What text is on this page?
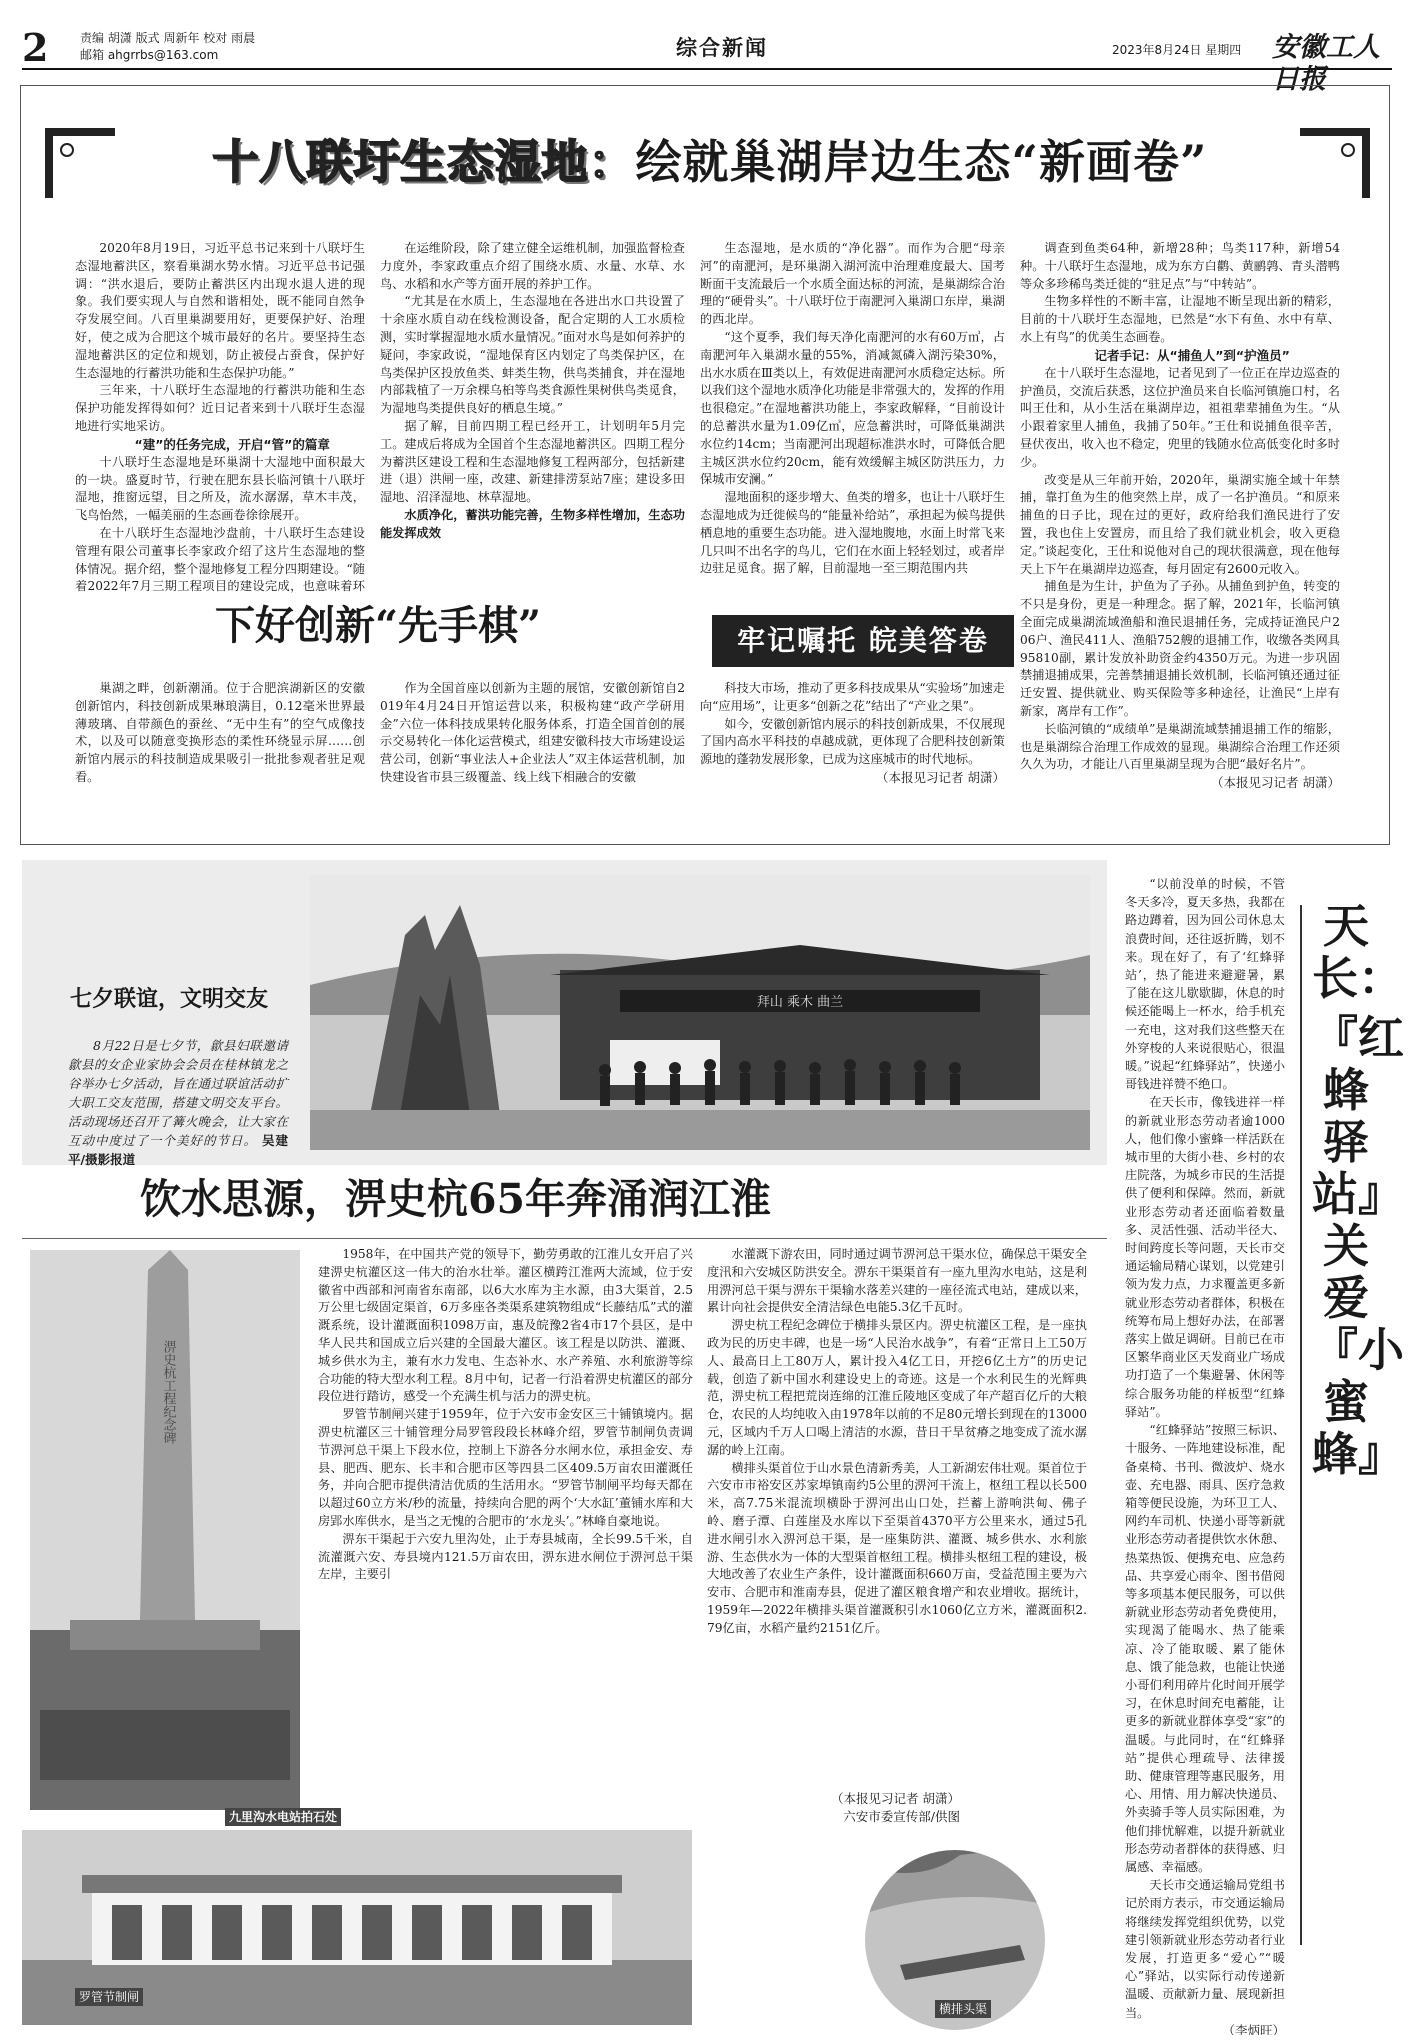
2	责编 胡潇 版式 周新年 校对 雨晨
邮箱 ahgrrbs@163.com	综合新闻	2023年8月24日 星期四 安徽工人日报
十八联圩生态湿地：绘就巢湖岸边生态“新画卷”

2020年8月19日，习近平总书记来到十八联圩生态湿地蓄洪区，察看巢湖水势水情。习近平总书记强调：“洪水退后，要防止蓄洪区内出现水退人进的现象。我们要实现人与自然和谐相处，既不能同自然争夺发展空间。八百里巢湖要用好，更要保护好、治理好，使之成为合肥这个城市最好的名片。要坚持生态湿地蓄洪区的定位和规划，防止被侵占蚕食，保护好生态湿地的行蓄洪功能和生态保护功能。”

三年来，十八联圩生态湿地的行蓄洪功能和生态保护功能发挥得如何？近日记者来到十八联圩生态湿地进行实地采访。

“建”的任务完成，开启“管”的篇章

十八联圩生态湿地是环巢湖十大湿地中面积最大的一块。盛夏时节，行驶在肥东县长临河镇十八联圩湿地，推窗远望，目之所及，流水潺潺，草木丰茂，飞鸟怡然，一幅美丽的生态画卷徐徐展开。

在十八联圩生态湿地沙盘前，十八联圩生态建设管理有限公司董事长李家政介绍了这片生态湿地的整体情况。据介绍，整个湿地修复工程分四期建设。“随着2022年7月三期工程项目的建设完成，也意味着环

在运维阶段，除了建立健全运维机制，加强监督检查力度外，李家政重点介绍了围绕水质、水量、水草、水鸟、水稻和水产等方面开展的养护工作。

“尤其是在水质上，生态湿地在各进出水口共设置了十余座水质自动在线检测设备，配合定期的人工水质检测，实时掌握湿地水质水量情况。”面对水鸟是如何养护的疑问，李家政说，“湿地保育区内划定了鸟类保护区，在鸟类保护区投放鱼类、蚌类生物，供鸟类捕食，并在湿地内部栽植了一万余棵乌桕等鸟类食源性果树供鸟类觅食，为湿地鸟类提供良好的栖息生境。”

据了解，目前四期工程已经开工，计划明年5月完工。建成后将成为全国首个生态湿地蓄洪区。四期工程分为蓄洪区建设工程和生态湿地修复工程两部分，包括新建进（退）洪闸一座，改建、新建排涝泵站7座；建设多田湿地、沼泽湿地、林草湿地。

水质净化，蓄洪功能完善，生物多样性增加，生态功能发挥成效

生态湿地，是水质的“净化器”。而作为合肥“母亲河”的南淝河，是环巢湖入湖河流中治理难度最大、国考断面干支流最后一个水质全面达标的河流，是巢湖综合治理的“硬骨头”。十八联圩位于南淝河入巢湖口东岸，巢湖的西北岸。

“这个夏季，我们每天净化南淝河的水有60万㎥，占南淝河年入巢湖水量的55%，消减氮磷入湖污染30%，出水水质在Ⅲ类以上，有效促进南淝河水质稳定达标。所以我们这个湿地水质净化功能是非常强大的，发挥的作用也很稳定。”在湿地蓄洪功能上，李家政解释，“目前设计的总蓄洪水量为1.09亿㎥，应急蓄洪时，可降低巢湖洪水位约14cm；当南淝河出现超标准洪水时，可降低合肥主城区洪水位约20cm，能有效缓解主城区防洪压力，力保城市安澜。”

湿地面积的逐步增大、鱼类的增多，也让十八联圩生态湿地成为迁徙候鸟的“能量补给站”，承担起为候鸟提供栖息地的重要生态功能。进入湿地腹地，水面上时常飞来几只叫不出名字的鸟儿，它们在水面上轻轻划过，或者岸边驻足觅食。据了解，目前湿地一至三期范围内共

调查到鱼类64种，新增28种；鸟类117种，新增54种。十八联圩生态湿地，成为东方白鹳、黄鹂鹑、青头潜鸭等众多珍稀鸟类迁徙的“驻足点”与“中转站”。

生物多样性的不断丰富，让湿地不断呈现出新的精彩，目前的十八联圩生态湿地，已然是“水下有鱼、水中有草、水上有鸟”的优美生态画卷。

记者手记：从“捕鱼人”到“护渔员”

在十八联圩生态湿地，记者见到了一位正在岸边巡查的护渔员，交流后获悉，这位护渔员来自长临河镇施口村，名叫王仕和，从小生活在巢湖岸边，祖祖辈辈捕鱼为生。“从小跟着家里人捕鱼，我捕了50年。”王仕和说捕鱼很辛苦，昼伏夜出，收入也不稳定，兜里的钱随水位高低变化时多时少。

改变是从三年前开始，2020年，巢湖实施全域十年禁捕，靠打鱼为生的他突然上岸，成了一名护渔员。“和原来捕鱼的日子比，现在过的更好，政府给我们渔民进行了安置，我也住上安置房，而且给了我们就业机会，收入更稳定。”谈起变化，王仕和说他对自己的现状很满意，现在他每天上下午在巢湖岸边巡查，每月固定有2600元收入。

捕鱼是为生计，护鱼为了子孙。从捕鱼到护鱼，转变的不只是身份，更是一种理念。据了解，2021年，长临河镇全面完成巢湖流域渔船和渔民退捕任务，完成持证渔民户206户、渔民411人、渔船752艘的退捕工作，收缴各类网具95810副，累计发放补助资金约4350万元。为进一步巩固禁捕退捕成果，完善禁捕退捕长效机制，长临河镇还通过征迁安置、提供就业、购买保险等多种途径，让渔民“上岸有新家，离岸有工作”。

长临河镇的“成绩单”是巢湖流域禁捕退捕工作的缩影，也是巢湖综合治理工作成效的显现。巢湖综合治理工作还须久久为功，才能让八百里巢湖呈现为合肥“最好名片”。

（本报见习记者 胡潇）

下好创新“先手棋”	牢记嘱托 皖美答卷

巢湖之畔，创新潮涌。位于合肥滨湖新区的安徽创新馆内，科技创新成果琳琅满目，0.12毫米世界最薄玻璃、自带颜色的蚕丝、“无中生有”的空气成像技术，以及可以随意变换形态的柔性环绕显示屏……创新馆内展示的科技制造成果吸引一批批参观者驻足观看。

作为全国首座以创新为主题的展馆，安徽创新馆自2019年4月24日开馆运营以来，积极构建“政产学研用金”六位一体科技成果转化服务体系，打造全国首创的展示交易转化一体化运营模式，组建安徽科技大市场建设运营公司，创新“事业法人+企业法人”双主体运营机制，加快建设省市县三级覆盖、线上线下相融合的安徽

科技大市场，推动了更多科技成果从“实验场”加速走向“应用场”，让更多“创新之花”结出了“产业之果”。

如今，安徽创新馆内展示的科技创新成果，不仅展现了国内高水平科技的卓越成就，更体现了合肥科技创新策源地的蓬勃发展形象，已成为这座城市的时代地标。

（本报见习记者 胡潇）

七夕联谊，文明交友
8月22日是七夕节，歙县妇联邀请歙县的女企业家协会会员在桂林镇龙之谷举办七夕活动，旨在通过联谊活动扩大职工交友范围，搭建文明交友平台。活动现场还召开了篝火晚会，让大家在互动中度过了一个美好的节日。 吴建平/摄影报道
拜山 乘木 曲兰
饮水思源，淠史杭65年奔涌润江淮
淠史杭工程纪念碑
九里沟水电站拍石处
罗管节制闸

1958年，在中国共产党的领导下，勤劳勇敢的江淮儿女开启了兴建淠史杭灌区这一伟大的治水壮举。灌区横跨江淮两大流域，位于安徽省中西部和河南省东南部，以6大水库为主水源，由3大渠首，2.5万公里七级固定渠首，6万多座各类渠系建筑物组成“长藤结瓜”式的灌溉系统，设计灌溉面积1098万亩，惠及皖豫2省4市17个县区，是中华人民共和国成立后兴建的全国最大灌区。该工程是以防洪、灌溉、城乡供水为主，兼有水力发电、生态补水、水产养殖、水利旅游等综合功能的特大型水利工程。8月中旬，记者一行沿着淠史杭灌区的部分段位进行踏访，感受一个充满生机与活力的淠史杭。

罗管节制闸兴建于1959年，位于六安市金安区三十铺镇境内。据淠史杭灌区三十铺管理分局罗管段段长林峰介绍，罗管节制闸负责调节淠河总干渠上下段水位，控制上下游各分水闸水位，承担金安、寿县、肥西、肥东、长丰和合肥市区等四县二区409.5万亩农田灌溉任务，并向合肥市提供清洁优质的生活用水。“罗管节制闸平均每天都在以超过60立方米/秒的流量，持续向合肥的两个‘大水缸’董铺水库和大房郢水库供水，是当之无愧的合肥市的‘水龙头’。”林峰自豪地说。

淠东干渠起于六安九里沟处，止于寿县城南，全长99.5千米，自流灌溉六安、寿县境内121.5万亩农田，淠东进水闸位于淠河总干渠左岸，主要引

水灌溉下游农田，同时通过调节淠河总干渠水位，确保总干渠安全度汛和六安城区防洪安全。淠东干渠渠首有一座九里沟水电站，这是利用淠河总干渠与淠东干渠输水落差兴建的一座径流式电站，建成以来，累计向社会提供安全清洁绿色电能5.3亿千瓦时。

淠史杭工程纪念碑位于横排头景区内。淠史杭灌区工程，是一座执政为民的历史丰碑，也是一场“人民治水战争”，有着“正常日上工50万人、最高日上工80万人，累计投入4亿工日，开挖6亿土方”的历史记载，创造了新中国水利建设史上的奇迹。这是一个水利民生的光辉典范，淠史杭工程把荒岗连绵的江淮丘陵地区变成了年产超百亿斤的大粮仓，农民的人均纯收入由1978年以前的不足80元增长到现在的13000元，区域内千万人口喝上清洁的水源，昔日干旱贫瘠之地变成了流水潺潺的岭上江南。

横排头渠首位于山水景色清新秀美，人工新湖宏伟壮观。渠首位于六安市市裕安区苏家埠镇南约5公里的淠河干流上，枢纽工程以长500米，高7.75米混流坝横卧于淠河出山口处，拦蓄上游响洪甸、佛子岭、磨子潭、白莲崖及水库以下至渠首4370平方公里来水，通过5孔进水闸引水入淠河总干渠，是一座集防洪、灌溉、城乡供水、水利旅游、生态供水为一体的大型渠首枢纽工程。横排头枢纽工程的建设，极大地改善了农业生产条件，设计灌溉面积660万亩，受益范围主要为六安市、合肥市和淮南寿县，促进了灌区粮食增产和农业增收。据统计，1959年—2022年横排头渠首灌溉积引水1060亿立方米，灌溉面积2.79亿亩，水稻产量约2151亿斤。

（本报见习记者 胡潇）
六安市委宣传部/供图
横排头渠
天长：
『红蜂驿站』关爱『小蜜蜂』

“以前没单的时候，不管冬天多冷，夏天多热，我都在路边蹲着，因为回公司休息太浪费时间，还往返折腾，划不来。现在好了，有了‘红蜂驿站’，热了能进来避避暑，累了能在这儿歇歇脚，休息的时候还能喝上一杯水，给手机充一充电，这对我们这些整天在外穿梭的人来说很贴心，很温暖。”说起“红蜂驿站”，快递小哥钱进祥赞不绝口。

在天长市，像钱进祥一样的新就业形态劳动者逾1000人，他们像小蜜蜂一样活跃在城市里的大街小巷、乡村的农庄院落，为城乡市民的生活提供了便利和保障。然而，新就业形态劳动者还面临着数量多、灵活性强、活动半径大、时间跨度长等问题，天长市交通运输局精心谋划，以党建引领为发力点，力求覆盖更多新就业形态劳动者群体，积极在统筹布局上想好办法，在部署落实上做足调研。目前已在市区繁华商业区天发商业广场成功打造了一个集避暑、休闲等综合服务功能的样板型“红蜂驿站”。

“红蜂驿站”按照三标识、十服务、一阵地建设标准，配备桌椅、书刊、微波炉、烧水壶、充电器、雨具、医疗急救箱等便民设施，为环卫工人、网约车司机、快递小哥等新就业形态劳动者提供饮水休憩、热菜热饭、便携充电、应急药品、共享爱心雨伞、图书借阅等多项基本便民服务，可以供新就业形态劳动者免费使用，实现渴了能喝水、热了能乘凉、冷了能取暖、累了能休息、饿了能急救，也能让快递小哥们利用碎片化时间开展学习，在休息时间充电蓄能，让更多的新就业群体享受“家”的温暖。与此同时，在“红蜂驿站”提供心理疏导、法律援助、健康管理等惠民服务，用心、用情、用力解决快递员、外卖骑手等人员实际困难，为他们排忧解难，以提升新就业形态劳动者群体的获得感、归属感、幸福感。

天长市交通运输局党组书记於雨方表示，市交通运输局将继续发挥党组织优势，以党建引领新就业形态劳动者行业发展，打造更多“爱心”“暖心”驿站，以实际行动传递新温暖、贡献新力量、展现新担当。

（李炳旺）
